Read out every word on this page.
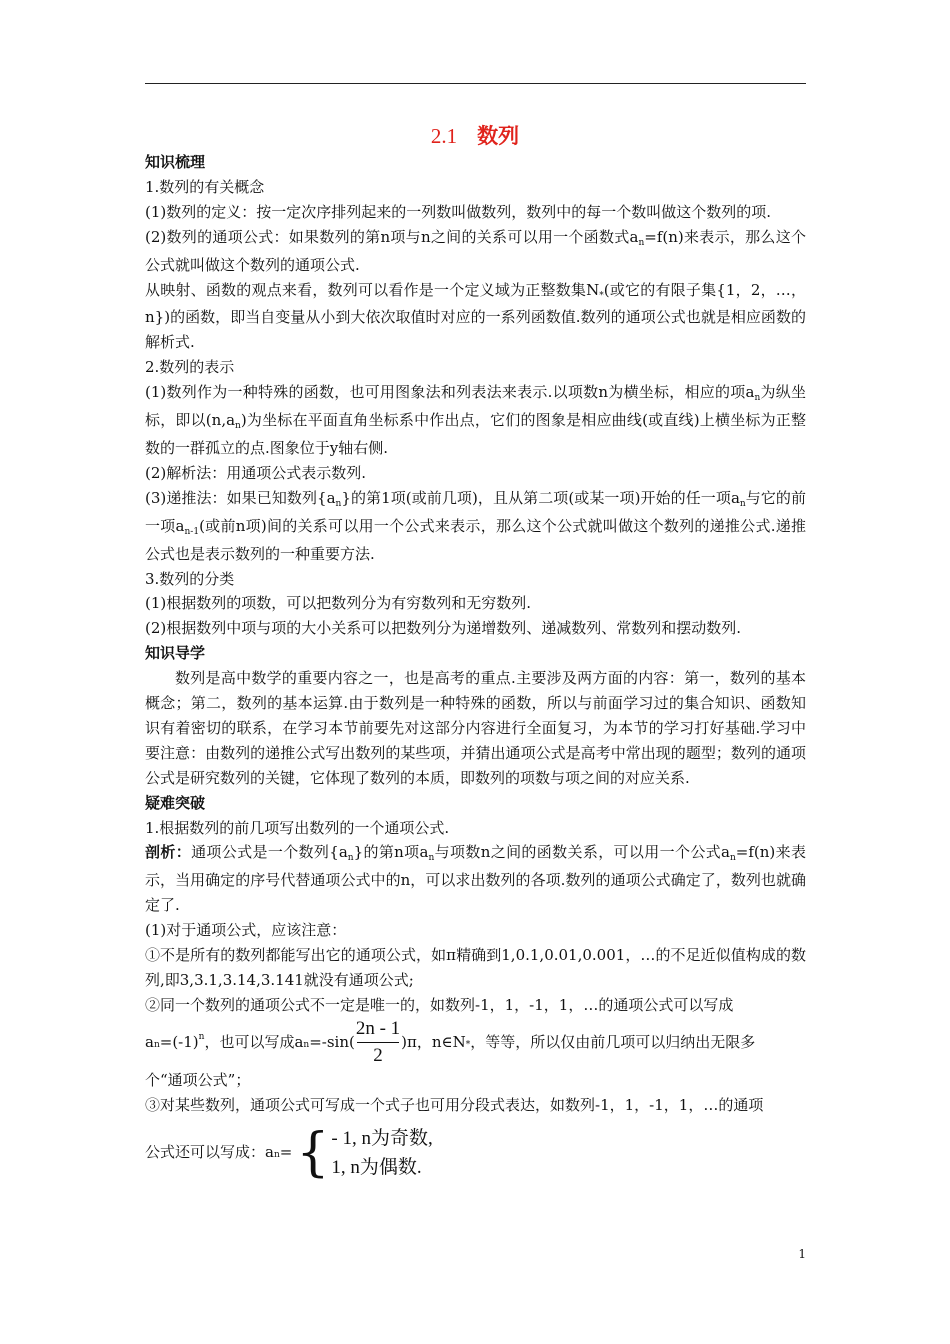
2.1 数列
知识梳理

1.数列的有关概念

(1)数列的定义：按一定次序排列起来的一列数叫做数列，数列中的每一个数叫做这个数列的项.

(2)数列的通项公式：如果数列的第n项与n之间的关系可以用一个函数式$a_n=f(n)$来表示，那么这个公式就叫做这个数列的通项公式.

从映射、函数的观点来看，数列可以看作是一个定义域为正整数集$N_*$(或它的有限子集{1，2，…，n})的函数，即当自变量从小到大依次取值时对应的一系列函数值.数列的通项公式也就是相应函数的解析式.

2.数列的表示

(1)数列作为一种特殊的函数，也可用图象法和列表法来表示.以项数n为横坐标，相应的项$a_n$为纵坐标，即以$(n,a_n)$为坐标在平面直角坐标系中作出点，它们的图象是相应曲线(或直线)上横坐标为正整数的一群孤立的点.图象位于y轴右侧.

(2)解析法：用通项公式表示数列.

(3)递推法：如果已知数列$\{a_n\}$的第1项(或前几项)，且从第二项(或某一项)开始的任一项$a_n$与它的前一项$a_{n-1}$(或前n项)间的关系可以用一个公式来表示，那么这个公式就叫做这个数列的递推公式.递推公式也是表示数列的一种重要方法.

3.数列的分类

(1)根据数列的项数，可以把数列分为有穷数列和无穷数列.

(2)根据数列中项与项的大小关系可以把数列分为递增数列、递减数列、常数列和摆动数列.

知识导学

数列是高中数学的重要内容之一，也是高考的重点.主要涉及两方面的内容：第一，数列的基本概念；第二，数列的基本运算.由于数列是一种特殊的函数，所以与前面学习过的集合知识、函数知识有着密切的联系，在学习本节前要先对这部分内容进行全面复习，为本节的学习打好基础.学习中要注意：由数列的递推公式写出数列的某些项，并猜出通项公式是高考中常出现的题型；数列的通项公式是研究数列的关键，它体现了数列的本质，即数列的项数与项之间的对应关系.

疑难突破

1.根据数列的前几项写出数列的一个通项公式.

剖析：通项公式是一个数列$\{a_n\}$的第n项$a_n$与项数n之间的函数关系，可以用一个公式$a_n=f(n)$来表示，当用确定的序号代替通项公式中的n，可以求出数列的各项.数列的通项公式确定了，数列也就确定了.

(1)对于通项公式，应该注意：

①不是所有的数列都能写出它的通项公式，如π精确到1,0.1,0.01,0.001，…的不足近似值构成的数列,即3,3.1,3.14,3.141就没有通项公式;

②同一个数列的通项公式不一定是唯一的，如数列-1，1，-1，1，…的通项公式可以写成

a n =(-1) n ，也可以写成a $n =-\sin( \frac{2n - 1}{2} )\pi$，n∈N * ，等等，所以仅由前几项可以归纳出无限多

个“通项公式”；

③对某些数列，通项公式可写成一个式子也可用分段式表达，如数列-1，1，-1，1，…的通项

公式还可以写成：a n = { - 1, n为奇数,
1, n为偶数.
1
